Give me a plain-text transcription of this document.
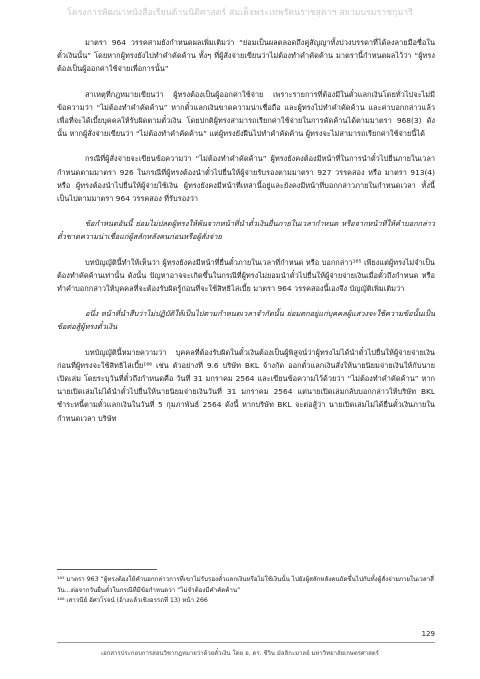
โครงการพัฒนาหนังสือเรียนด้านนิติศาสตร์ สมเด็จพระเทพรัตนราชสุดาฯ สยามบรมราชกุมารี

มาตรา 964 วรรคสามยังกำหนดผลเพิ่มเติมว่า “ย่อมเป็นผลตลอดถึงคู่สัญญาทั้งปวงบรรดาที่ได้ลงลายมือชื่อในตั๋วเงินนั้น” โดยหากผู้ทรงยังไปทำคำคัดค้าน ทั้งๆ ที่ผู้สั่งจ่ายเขียนว่าไม่ต้องทำคำคัดค้าน มาตรานี้กำหนดผลไว้ว่า “ผู้ทรงต้องเป็นผู้ออกค่าใช้จ่ายเพื่อการนั้น”

สาเหตุที่กฎหมายเขียนว่า ผู้ทรงต้องเป็นผู้ออกค่าใช้จ่าย เพราะรายการที่ต้องมีในตั๋วแลกเงินโดยทั่วไปจะไม่มีข้อความว่า “ไม่ต้องทำคำคัดค้าน” หากตั๋วแลกเงินขาดความน่าเชื่อถือ และผู้ทรงไปทำคำคัดค้าน และค่าบอกกล่าวแล้ว เพื่อที่จะได้เบี้ยบุคคลให้รับผิดตามตั๋วเงิน โดยปกติผู้ทรงสามารถเรียกค่าใช้จ่ายในการคัดค้านได้ตามมาตรา 968(3) ดังนั้น หากผู้สั่งจ่ายเขียนว่า “ไม่ต้องทำคำคัดค้าน” แต่ผู้ทรงยังฝืนไปทำคำคัดค้าน ผู้ทรงจะไม่สามารถเรียกค่าใช้จ่ายนี้ได้

กรณีที่ผู้สั่งจ่ายจะเขียนข้อความว่า “ไม่ต้องทำคำคัดค้าน” ผู้ทรงยังคงต้องมีหน้าที่ในการนำตั๋วไปยื่นภายในเวลากำหนดตามมาตรา 926 ในกรณีที่ผู้ทรงต้องนำตั๋วไปยื่นให้ผู้จ่ายรับรองตามมาตรา 927 วรรคสอง หรือ มาตรา 913(4) หรือ ผู้ทรงต้องนำไปยื่นให้ผู้จ่ายใช้เงิน ผู้ทรงยังคงมีหน้าที่เหล่านี้อยู่และยังคงมีหน้าที่บอกกล่าวภายในกำหนดเวลา ทั้งนี้เป็นไปตามมาตรา 964 วรรคสอง ที่รับรองว่า

ข้อกำหนดอันนี้ ย่อมไม่ปลดผู้ทรงให้พ้นจากหน้าที่นำตั๋วเงินยื่นภายในเวลากำหนด หรือจากหน้าที่ให้คำบอกกล่าวตั๋วขาดความน่าเชื่อแก่ผู้สลักหลังคนก่อนหรือผู้สั่งจ่าย

บทบัญญัตินี้ทำให้เห็นว่า ผู้ทรงยังคงมีหน้าที่ยื่นตั๋วภายในเวลาที่กำหนด หรือ บอกกล่าว¹⁶⁵ เพียงแต่ผู้ทรงไม่จำเป็นต้องทำคัดค้านเท่านั้น ดังนั้น ปัญหาอาจจะเกิดขึ้นในกรณีที่ผู้ทรงไม่ยอมนำตั๋วไปยื่นให้ผู้จ่ายจ่ายเงินเมื่อตั๋วถึงกำหนด หรือ ทำคำบอกกล่าวให้บุคคลที่จะต้องรับผิดรู้ก่อนที่จะใช้สิทธิไล่เบี้ย มาตรา 964 วรรคสองนี้เองจึง บัญญัติเพิ่มเติมว่า

อนึ่ง หน้าที่นำสืบว่าไม่ปฏิบัติให้เป็นไปตามกำหนดเวลาจำกัดนั้น ย่อมตกอยู่แก่บุคคลผู้แสวงจะใช้ความข้อนั้นเป็นข้อต่อสู้ผู้ทรงตั๋วเงิน

บทบัญญัตินี้หมายความว่า บุคคลที่ต้องรับผิดในตั๋วเงินต้องเป็นผู้พิสูจน์ว่าผู้ทรงไม่ได้นำตั๋วไปยื่นให้ผู้จ่ายจ่ายเงินก่อนที่ผู้ทรงจะใช้สิทธิไล่เบี้ย¹⁶⁶ เช่น ตัวอย่างที่ 9.6 บริษัท BKL จ้างกัด ออกตั๋วแลกเงินสั่งให้นายนิยมจ่ายเงินให้กับนายเปิดเล่ม โดยระบุวันที่ตั๋วถึงกำหนดคือ วันที่ 31 มกราคม 2564 และเขียนข้อความไว้ด้วยว่า “ไม่ต้องทำคำคัดค้าน” หากนายเปิดเล่มไม่ได้นำตั๋วไปยื่นให้นายนิยมจ่ายเงินวันที่ 31 มกราคม 2564 แต่นายเปิดเล่มกลับบอกกล่าวให้บริษัท BKL ชำระหนี้ตามตั๋วแลกเงินในวันที่ 5 กุมภาพันธ์ 2564 ดังนี้ หากบริษัท BKL จะต่อสู้ว่า นายเปิดเล่มไม่ได้ยื่นตั๋วเงินภายในกำหนดเวลา บริษัท

¹⁶⁵ มาตรา 963 “ผู้ทรงต้องให้คำบอกกล่าวการที่เขาไม่รับรองตั๋วแลกเงินหรือไม่ใช้เงินนั้น ไปยังผู้สลักหลังคนถัดขึ้นไปกับทั้งผู้สั่งจ่ายภายในเวลาสี่วัน…ต่อจากวันยื่นตั๋วในกรณีที่มีข้อกำหนดว่า “ไม่จำต้องมีคำคัดค้าน”

¹⁶⁶ เสาวนีย์ อัศวโรจน์ (อ้างแล้วเชิงอรรถที่ 13) หน้า 266

129
เอกสารประกอบการสอนวิชากฎหมายว่าด้วยตั๋วเงิน โดย อ. ดร. ชีวิน มัลลิกะมาลย์ มหาวิทยาลัยเกษตรศาสตร์
